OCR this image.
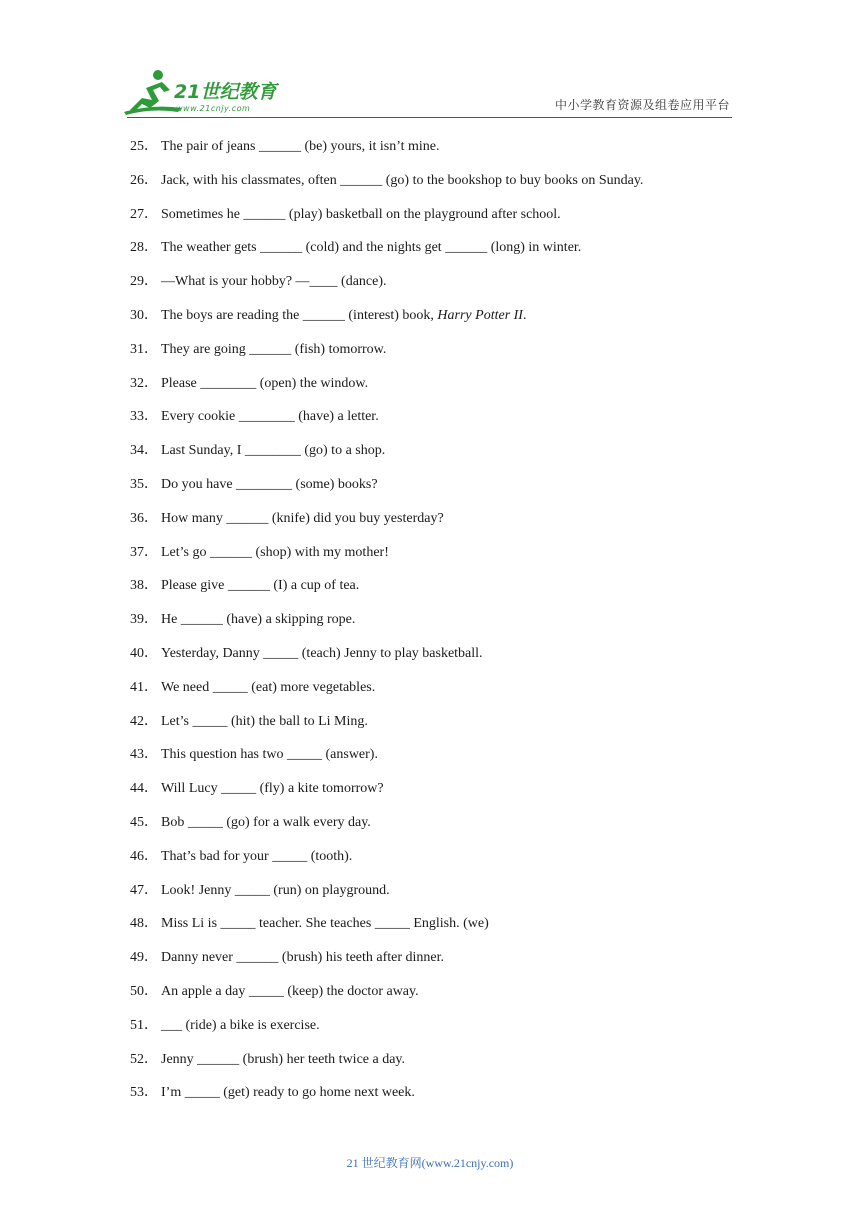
21世纪教育
www.21cnjy.com	中小学教育资源及组卷应用平台
25． The pair of jeans ______ (be) yours, it isn’t mine.
26． Jack, with his classmates, often ______ (go) to the bookshop to buy books on Sunday.
27． Sometimes he ______ (play) basketball on the playground after school.
28． The weather gets ______ (cold) and the nights get ______ (long) in winter.
29． —What is your hobby? —____ (dance).
30． The boys are reading the ______ (interest) book, Harry Potter II.
31． They are going ______ (fish) tomorrow.
32． Please ________ (open) the window.
33． Every cookie ________ (have) a letter.
34． Last Sunday, I ________ (go) to a shop.
35． Do you have ________ (some) books?
36． How many ______ (knife) did you buy yesterday?
37． Let’s go ______ (shop) with my mother!
38． Please give ______ (I) a cup of tea.
39． He ______ (have) a skipping rope.
40． Yesterday, Danny _____ (teach) Jenny to play basketball.
41． We need _____ (eat) more vegetables.
42． Let’s _____ (hit) the ball to Li Ming.
43． This question has two _____ (answer).
44． Will Lucy _____ (fly) a kite tomorrow?
45． Bob _____ (go) for a walk every day.
46． That’s bad for your _____ (tooth).
47． Look! Jenny _____ (run) on playground.
48． Miss Li is _____ teacher. She teaches _____ English. (we)
49． Danny never ______ (brush) his teeth after dinner.
50． An apple a day _____ (keep) the doctor away.
51． ___ (ride) a bike is exercise.
52． Jenny ______ (brush) her teeth twice a day.
53． I’m _____ (get) ready to go home next week.
21 世纪教育网(www.21cnjy.com)
